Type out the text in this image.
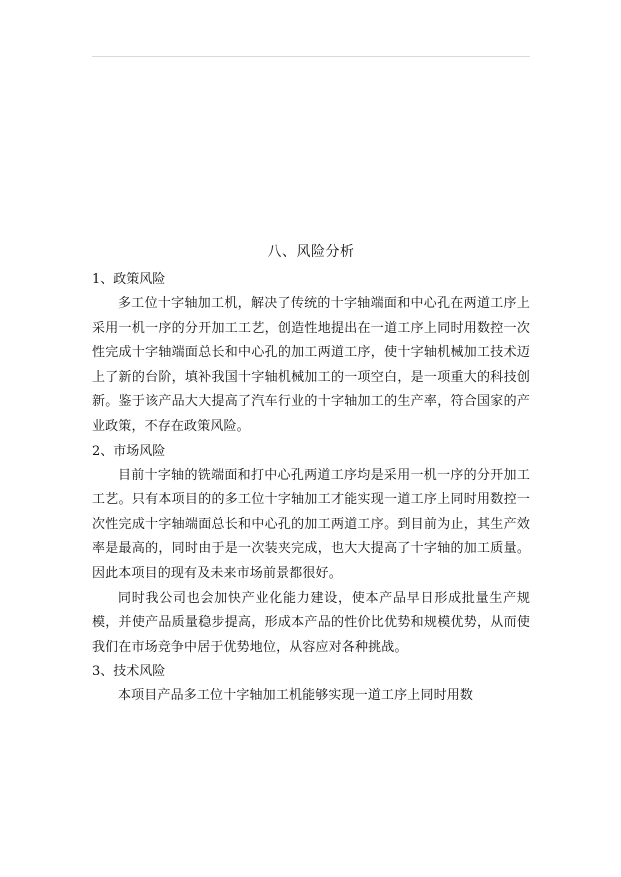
八、风险分析
1、政策风险

多工位十字轴加工机，解决了传统的十字轴端面和中心孔在两道工序上采用一机一序的分开加工工艺，创造性地提出在一道工序上同时用数控一次性完成十字轴端面总长和中心孔的加工两道工序，使十字轴机械加工技术迈上了新的台阶，填补我国十字轴机械加工的一项空白，是一项重大的科技创新。鉴于该产品大大提高了汽车行业的十字轴加工的生产率，符合国家的产业政策，不存在政策风险。

2、市场风险

目前十字轴的铣端面和打中心孔两道工序均是采用一机一序的分开加工工艺。只有本项目的的多工位十字轴加工才能实现一道工序上同时用数控一次性完成十字轴端面总长和中心孔的加工两道工序。到目前为止，其生产效率是最高的，同时由于是一次装夹完成，也大大提高了十字轴的加工质量。因此本项目的现有及未来市场前景都很好。

同时我公司也会加快产业化能力建设，使本产品早日形成批量生产规模，并使产品质量稳步提高，形成本产品的性价比优势和规模优势，从而使我们在市场竞争中居于优势地位，从容应对各种挑战。

3、技术风险

本项目产品多工位十字轴加工机能够实现一道工序上同时用数
